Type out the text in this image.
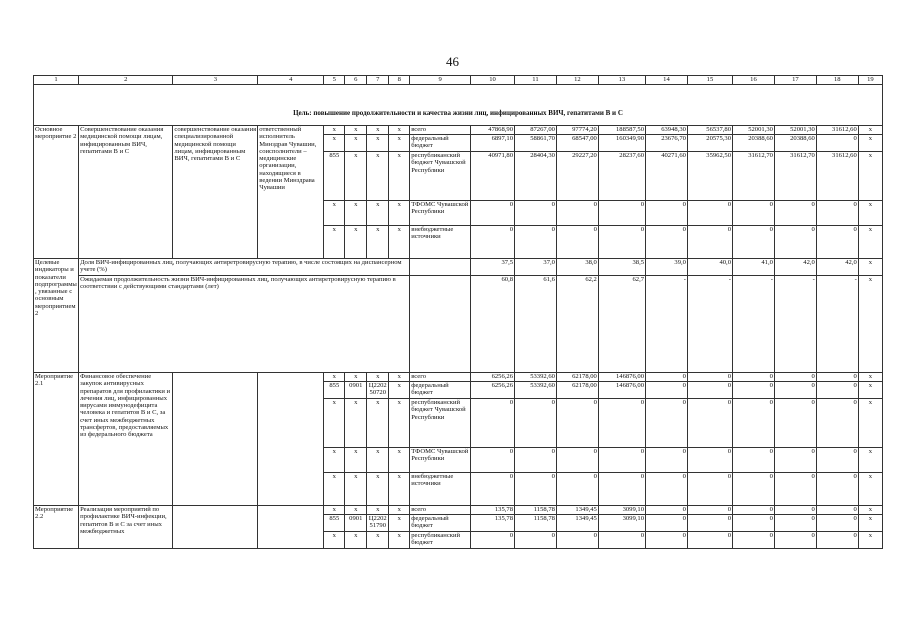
46
1	2	3	4	5	6	7	8	9	10	11	12	13	14	15	16	17	18	19
Цель: повышение продолжительности и качества жизни лиц, инфицированных ВИЧ, гепатитами В и С																		
Основное мероприятие 2	Совершенствование оказания медицинской помощи лицам, инфицированным ВИЧ, гепатитами В и С	совершенствование оказания специализированной медицинской помощи лицам, инфицированным ВИЧ, гепатитами В и С	ответственный исполнитель Минздрав Чувашии, соисполнители – медицинские организации, находящиеся в ведении Минздрава Чувашии	x	x	x	x	всего	47868,90	87267,00	97774,20	188587,50	63948,30	56537,80	52001,30	52001,30	31612,60	x
				x	x	x	x	федеральный бюджет	6897,10	58861,70	68547,00	160349,90	23676,70	20575,30	20388,60	20388,60	0	x
				855	x	x	x	республиканский бюджет Чувашской Республики	40971,80	28404,30	29227,20	28237,60	40271,60	35962,50	31612,70	31612,70	31612,60	x
				x	x	x	x	ТФОМС Чувашской Республики	0	0	0	0	0	0	0	0	0	x
				x	x	x	x	внебюджетные источники	0	0	0	0	0	0	0	0	0	x
Целевые индикаторы и показатели подпрограммы, увязанные с основным мероприятием 2	Доля ВИЧ-инфицированных лиц, получающих антиретровирусную терапию, в числе состоящих на диспансерном учете (%)								37,5	37,0	38,0	38,5	39,0	40,0	41,0	42,0	42,0	x
	Ожидаемая продолжительность жизни ВИЧ-инфицированных лиц, получающих антиретровирусную терапию в соответствии с действующими стандартами (лет)								60,8	61,6	62,2	62,7	-	-	-	-	-	x
Мероприятие 2.1	Финансовое обеспечение закупок антивирусных препаратов для профилактики и лечения лиц, инфицированных вирусами иммунодефицита человека и гепатитов В и С, за счет иных межбюджетных трансфертов, предоставляемых из федерального бюджета			x	x	x	x	всего	6256,26	53392,60	62178,00	146876,00	0	0	0	0	0	x
				855	0901	Ц2202 50720	x	федеральный бюджет	6256,26	53392,60	62178,00	146876,00	0	0	0	0	0	x
				x	x	x	x	республиканский бюджет Чувашской Республики	0	0	0	0	0	0	0	0	0	x
				x	x	x	x	ТФОМС Чувашской Республики	0	0	0	0	0	0	0	0	0	x
				x	x	x	x	внебюджетные источники	0	0	0	0	0	0	0	0	0	x
Мероприятие 2.2	Реализация мероприятий по профилактике ВИЧ-инфекции, гепатитов В и С за счет иных межбюджетных			x	x	x	x	всего	135,78	1158,78	1349,45	3099,10	0	0	0	0	0	x
				855	0901	Ц2202 51790	x	федеральный бюджет	135,78	1158,78	1349,45	3099,10	0	0	0	0	0	x
				x	x	x	x	республиканский бюджет	0	0	0	0	0	0	0	0	0	x
